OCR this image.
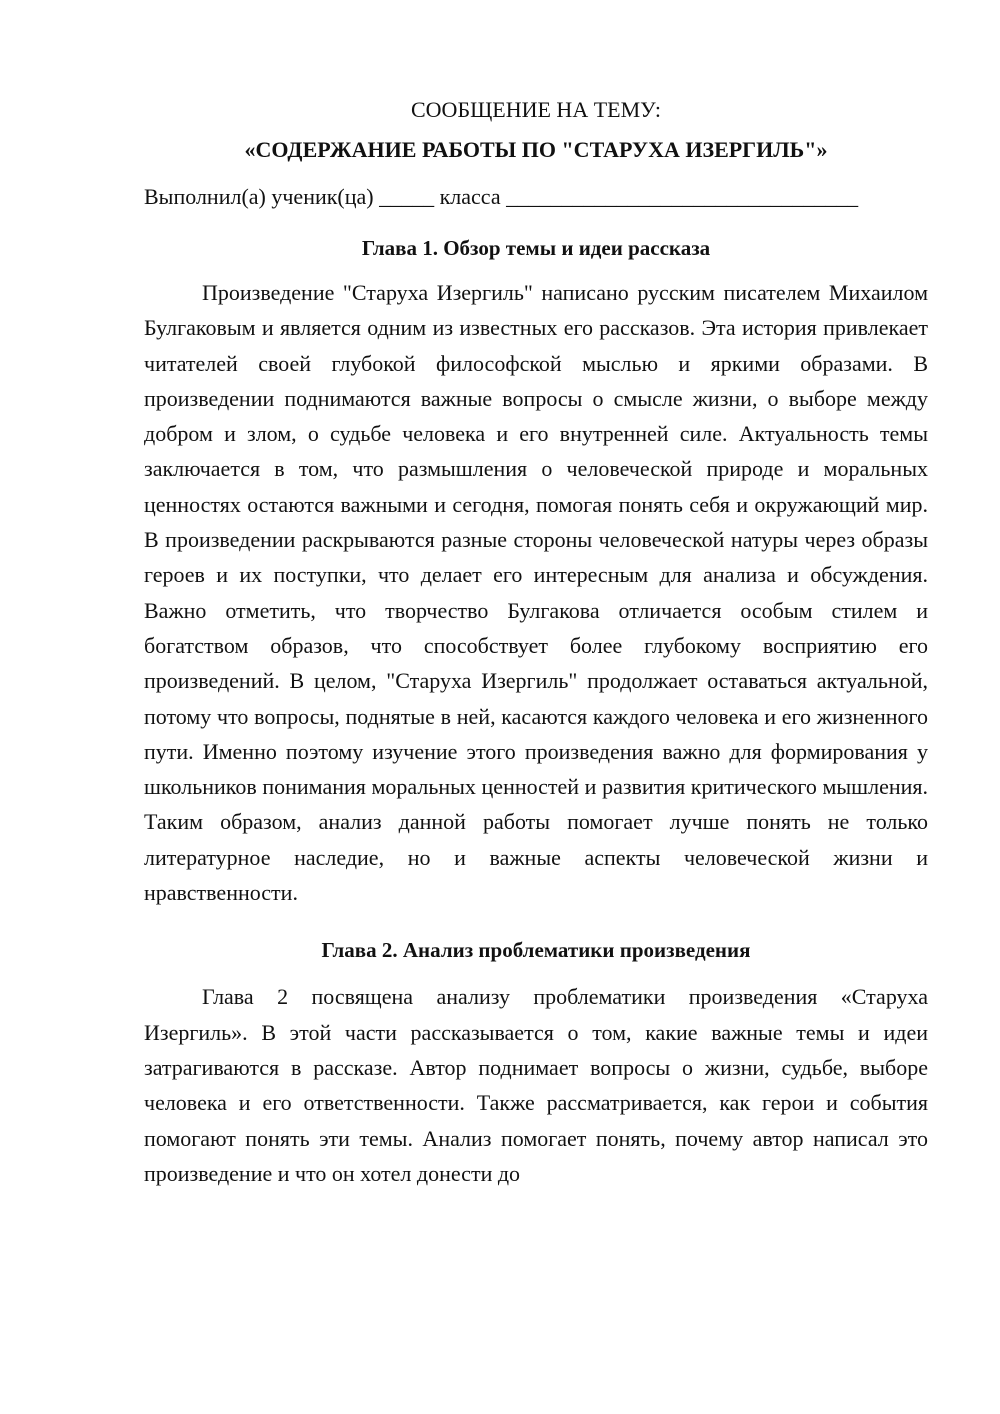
СООБЩЕНИЕ НА ТЕМУ:

«СОДЕРЖАНИЕ РАБОТЫ ПО "СТАРУХА ИЗЕРГИЛЬ"»

Выполнил(а) ученик(ца) _____ класса ________________________________

Глава 1. Обзор темы и идеи рассказа

Произведение "Старуха Изергиль" написано русским писателем Михаилом Булгаковым и является одним из известных его рассказов. Эта история привлекает читателей своей глубокой философской мыслью и яркими образами. В произведении поднимаются важные вопросы о смысле жизни, о выборе между добром и злом, о судьбе человека и его внутренней силе. Актуальность темы заключается в том, что размышления о человеческой природе и моральных ценностях остаются важными и сегодня, помогая понять себя и окружающий мир. В произведении раскрываются разные стороны человеческой натуры через образы героев и их поступки, что делает его интересным для анализа и обсуждения. Важно отметить, что творчество Булгакова отличается особым стилем и богатством образов, что способствует более глубокому восприятию его произведений. В целом, "Старуха Изергиль" продолжает оставаться актуальной, потому что вопросы, поднятые в ней, касаются каждого человека и его жизненного пути. Именно поэтому изучение этого произведения важно для формирования у школьников понимания моральных ценностей и развития критического мышления. Таким образом, анализ данной работы помогает лучше понять не только литературное наследие, но и важные аспекты человеческой жизни и нравственности.

Глава 2. Анализ проблематики произведения

Глава 2 посвящена анализу проблематики произведения «Старуха Изергиль». В этой части рассказывается о том, какие важные темы и идеи затрагиваются в рассказе. Автор поднимает вопросы о жизни, судьбе, выборе человека и его ответственности. Также рассматривается, как герои и события помогают понять эти темы. Анализ помогает понять, почему автор написал это произведение и что он хотел донести до
